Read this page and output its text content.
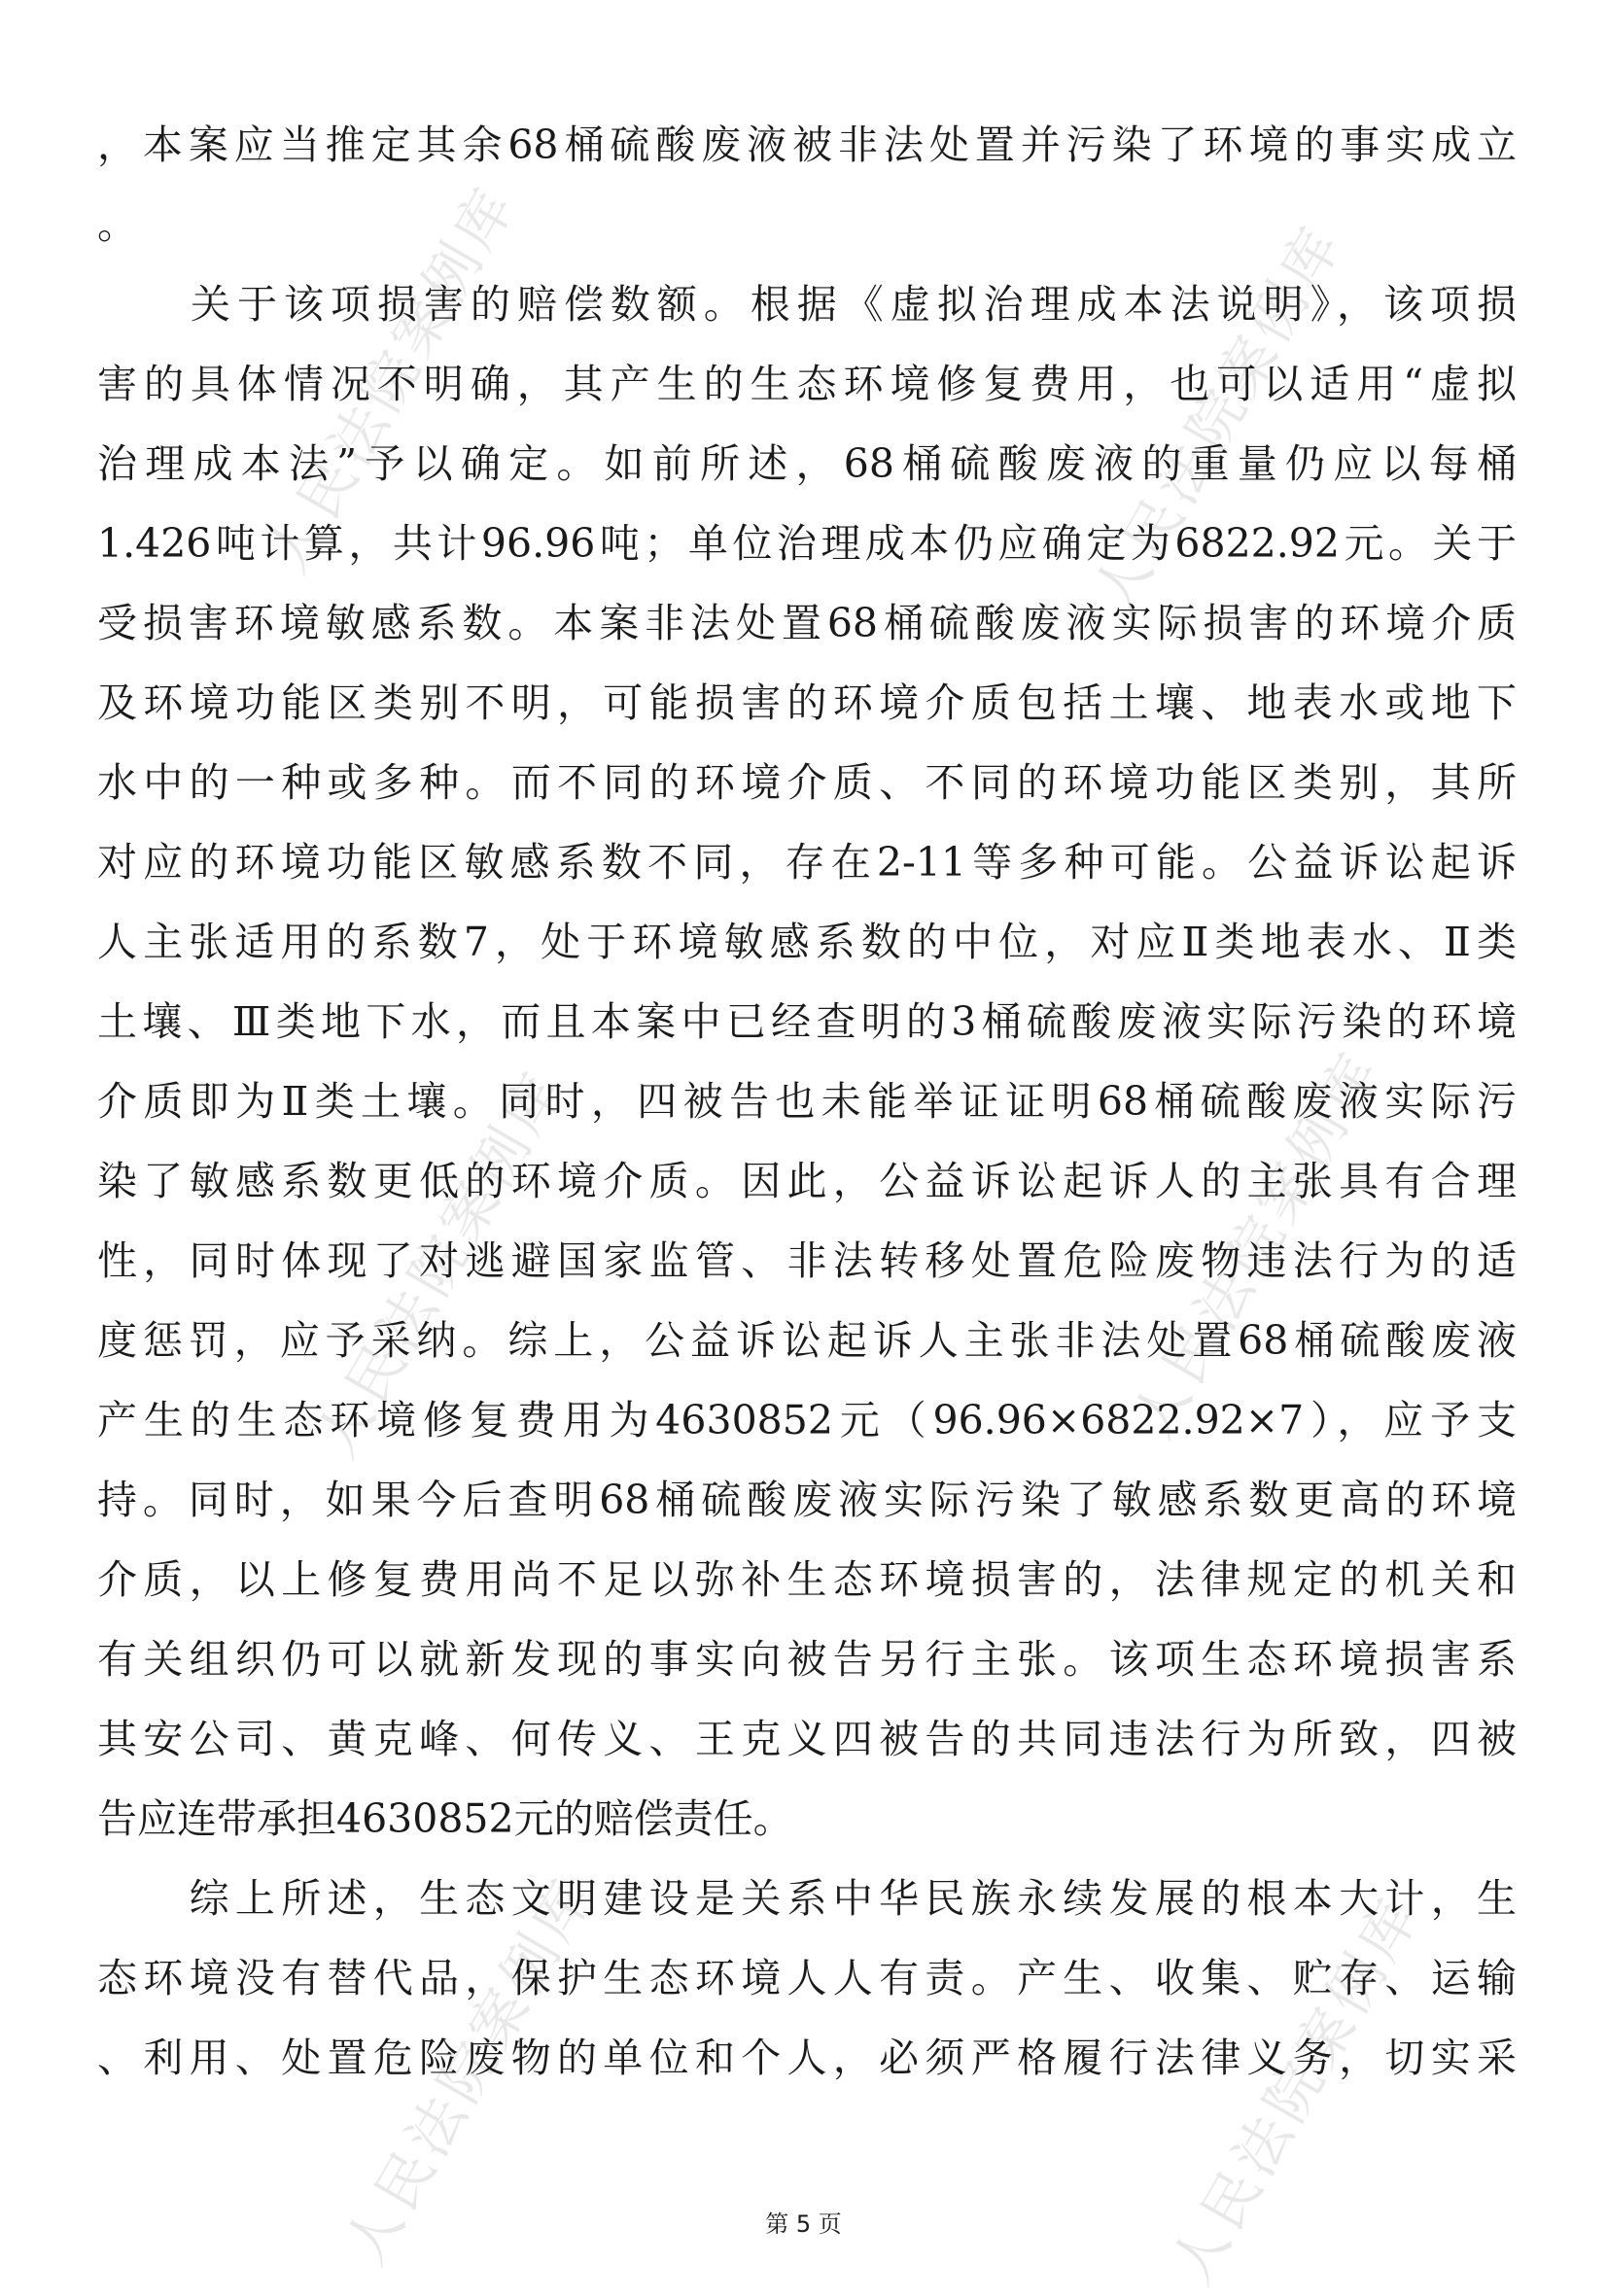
人民法院案例库	人民法院案例库
人民法院案例库	人民法院案例库
人民法院案例库	人民法院案例库
，本案应当推定其余68桶硫酸废液被非法处置并污染了环境的事实成立
。
　　关于该项损害的赔偿数额。根据《虚拟治理成本法说明》，该项损
害的具体情况不明确，其产生的生态环境修复费用，也可以适用“虚拟
治理成本法”予以确定。如前所述，68桶硫酸废液的重量仍应以每桶
1.426吨计算，共计96.96吨；单位治理成本仍应确定为6822.92元。关于
受损害环境敏感系数。本案非法处置68桶硫酸废液实际损害的环境介质
及环境功能区类别不明，可能损害的环境介质包括土壤、地表水或地下
水中的一种或多种。而不同的环境介质、不同的环境功能区类别，其所
对应的环境功能区敏感系数不同，存在2-11等多种可能。公益诉讼起诉
人主张适用的系数7，处于环境敏感系数的中位，对应Ⅱ类地表水、Ⅱ类
土壤、Ⅲ类地下水，而且本案中已经查明的3桶硫酸废液实际污染的环境
介质即为Ⅱ类土壤。同时，四被告也未能举证证明68桶硫酸废液实际污
染了敏感系数更低的环境介质。因此，公益诉讼起诉人的主张具有合理
性，同时体现了对逃避国家监管、非法转移处置危险废物违法行为的适
度惩罚，应予采纳。综上，公益诉讼起诉人主张非法处置68桶硫酸废液
产生的生态环境修复费用为4630852元（96.96×6822.92×7），应予支
持。同时，如果今后查明68桶硫酸废液实际污染了敏感系数更高的环境
介质，以上修复费用尚不足以弥补生态环境损害的，法律规定的机关和
有关组织仍可以就新发现的事实向被告另行主张。该项生态环境损害系
其安公司、黄克峰、何传义、王克义四被告的共同违法行为所致，四被
告应连带承担4630852元的赔偿责任。
　　综上所述，生态文明建设是关系中华民族永续发展的根本大计，生
态环境没有替代品，保护生态环境人人有责。产生、收集、贮存、运输
、利用、处置危险废物的单位和个人，必须严格履行法律义务，切实采
第 5 页
